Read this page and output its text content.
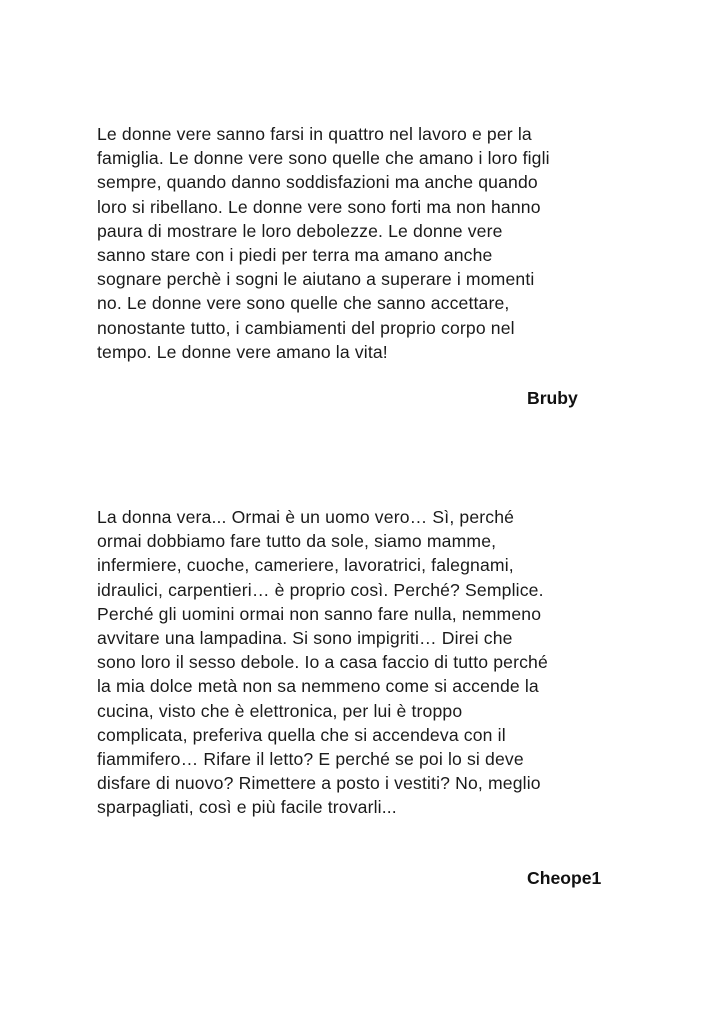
Le donne vere sanno farsi in quattro nel lavoro e per la
famiglia. Le donne vere sono quelle che amano i loro figli
sempre, quando danno soddisfazioni ma anche quando
loro si ribellano. Le donne vere sono forti ma non hanno
paura di mostrare le loro debolezze. Le donne vere
sanno stare con i piedi per terra ma amano anche
sognare perchè i sogni le aiutano a superare i momenti
no. Le donne vere sono quelle che sanno accettare,
nonostante tutto, i cambiamenti del proprio corpo nel
tempo. Le donne vere amano la vita!

Bruby

La donna vera... Ormai è un uomo vero… Sì, perché
ormai dobbiamo fare tutto da sole, siamo mamme,
infermiere, cuoche, cameriere, lavoratrici, falegnami,
idraulici, carpentieri… è proprio così. Perché? Semplice.
Perché gli uomini ormai non sanno fare nulla, nemmeno
avvitare una lampadina. Si sono impigriti… Direi che
sono loro il sesso debole. Io a casa faccio di tutto perché
la mia dolce metà non sa nemmeno come si accende la
cucina, visto che è elettronica, per lui è troppo
complicata, preferiva quella che si accendeva con il
fiammifero… Rifare il letto? E perché se poi lo si deve
disfare di nuovo? Rimettere a posto i vestiti? No, meglio
sparpagliati, così e più facile trovarli...

Cheope1
